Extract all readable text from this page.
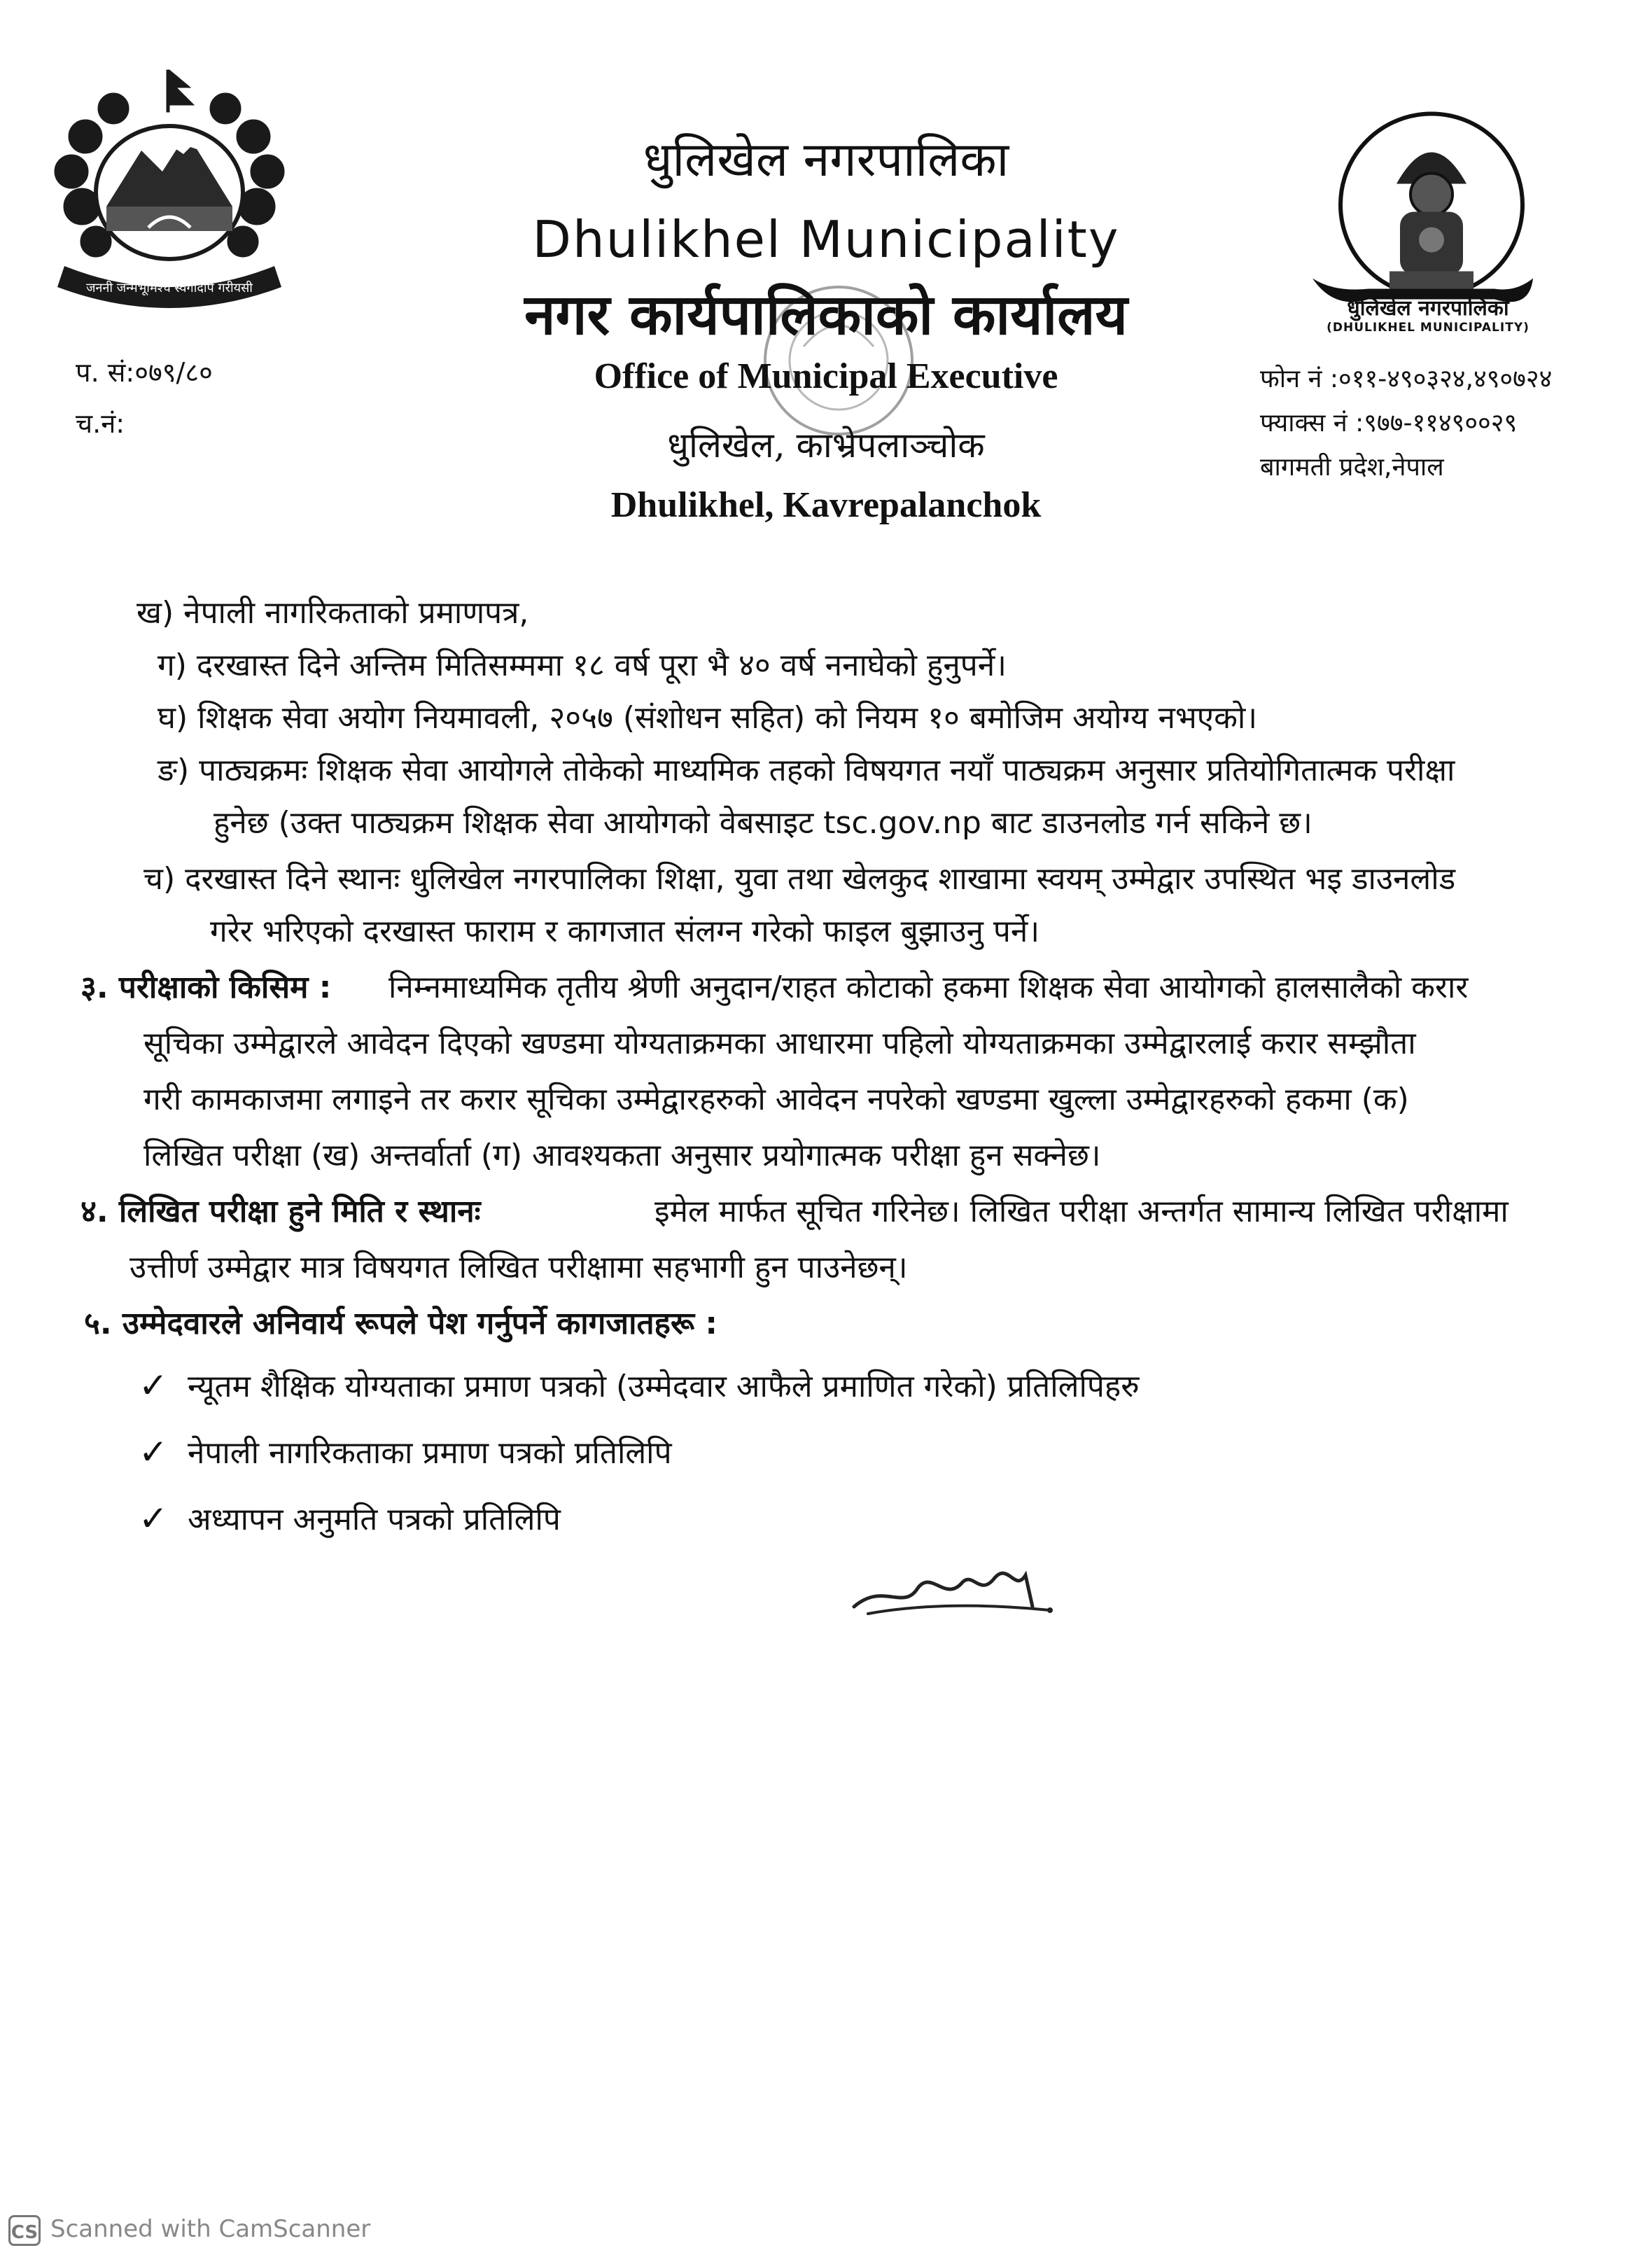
जननी जन्मभूमिश्च स्वर्गादपि गरीयसी
धुलिखेल नगरपालिका
(DHULIKHEL MUNICIPALITY)
धुलिखेल नगरपालिका
Dhulikhel Municipality
नगर कार्यपालिकाको कार्यालय
Office of Municipal Executive
धुलिखेल, काभ्रेपलाञ्चोक
Dhulikhel, Kavrepalanchok
प. सं:०७९/८०
च.नं:
फोन नं :०११-४९०३२४,४९०७२४
फ्याक्स नं :९७७-११४९००२९
बागमती प्रदेश,नेपाल
ख) नेपाली नागरिकताको प्रमाणपत्र,
ग) दरखास्त दिने अन्तिम मितिसम्ममा १८ वर्ष पूरा भै ४० वर्ष ननाघेको हुनुपर्ने।
घ) शिक्षक सेवा अयोग नियमावली, २०५७ (संशोधन सहित) को नियम १० बमोजिम अयोग्य नभएको।
ङ) पाठ्यक्रमः शिक्षक सेवा आयोगले तोकेको माध्यमिक तहको विषयगत नयाँ पाठ्यक्रम अनुसार प्रतियोगितात्मक परीक्षा
हुनेछ (उक्त पाठ्यक्रम शिक्षक सेवा आयोगको वेबसाइट tsc.gov.np बाट डाउनलोड गर्न सकिने छ।
च) दरखास्त दिने स्थानः धुलिखेल नगरपालिका शिक्षा, युवा तथा खेलकुद शाखामा स्वयम् उम्मेद्वार उपस्थित भइ डाउनलोड
गरेर भरिएको दरखास्त फाराम र कागजात संलग्न गरेको फाइल बुझाउनु पर्ने।
३. परीक्षाको किसिम : निम्नमाध्यमिक तृतीय श्रेणी अनुदान/राहत कोटाको हकमा शिक्षक सेवा आयोगको हालसालैको करार
सूचिका उम्मेद्वारले आवेदन दिएको खण्डमा योग्यताक्रमका आधारमा पहिलो योग्यताक्रमका उम्मेद्वारलाई करार सम्झौता
गरी कामकाजमा लगाइने तर करार सूचिका उम्मेद्वारहरुको आवेदन नपरेको खण्डमा खुल्ला उम्मेद्वारहरुको हकमा (क)
लिखित परीक्षा (ख) अन्तर्वार्ता (ग) आवश्यकता अनुसार प्रयोगात्मक परीक्षा हुन सक्नेछ।
४. लिखित परीक्षा हुने मिति र स्थानः	इमेल मार्फत सूचित गरिनेछ। लिखित परीक्षा अन्तर्गत सामान्य लिखित परीक्षामा
उत्तीर्ण उम्मेद्वार मात्र विषयगत लिखित परीक्षामा सहभागी हुन पाउनेछन्।
५. उम्मेदवारले अनिवार्य रूपले पेश गर्नुपर्ने कागजातहरू :
✓ न्यूतम शैक्षिक योग्यताका प्रमाण पत्रको (उम्मेदवार आफैले प्रमाणित गरेको) प्रतिलिपिहरु
✓ नेपाली नागरिकताका प्रमाण पत्रको प्रतिलिपि
✓ अध्यापन अनुमति पत्रको प्रतिलिपि
CS Scanned with CamScanner
